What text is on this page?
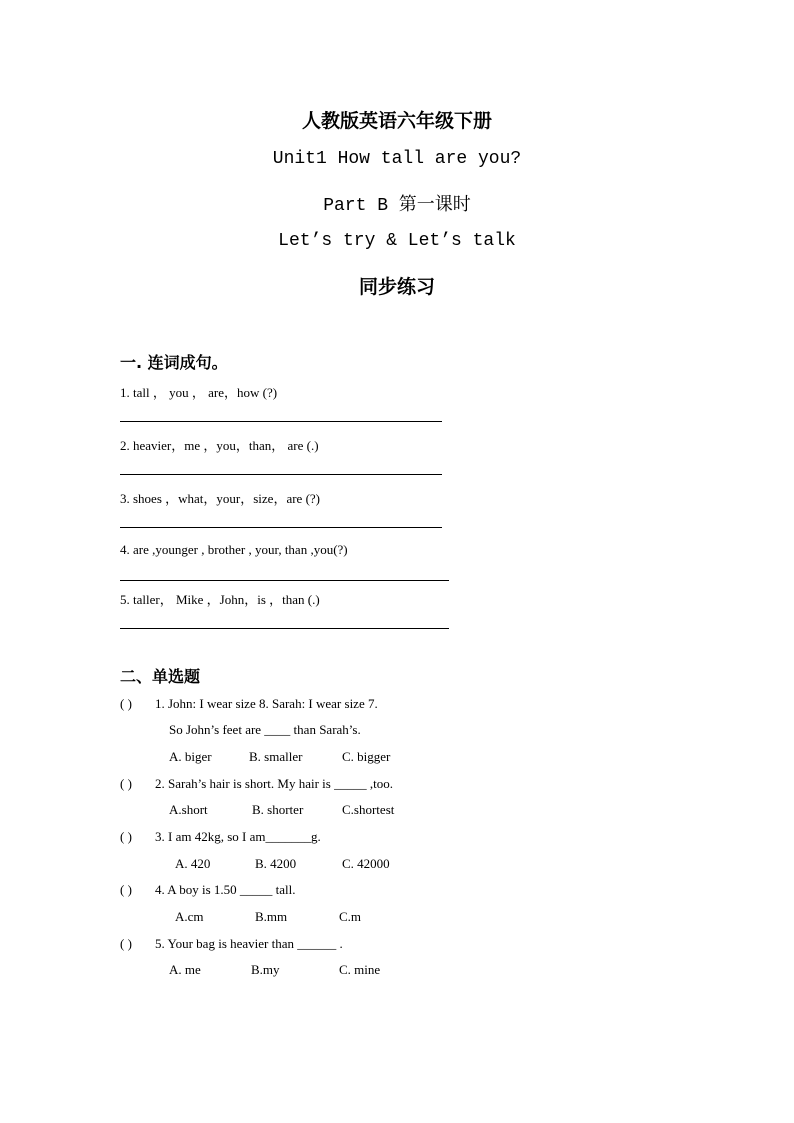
人教版英语六年级下册
Unit1 How tall are you?
Part B 第一课时
Let’s try & Let’s talk
同步练习
一. 连词成句。
1. tall ， you ， are，how (?)
2. heavier，me ，you，than， are (.)
3. shoes ，what，your，size，are (?)
4. are ,younger , brother , your, than ,you(?)
5. taller， Mike ，John，is ，than (.)
二、单选题
( ) 1. John: I wear size 8. Sarah: I wear size 7.
So John’s feet are ____ than Sarah’s.
A. biger	B. smaller	C. bigger
( ) 2. Sarah’s hair is short. My hair is _____ ,too.
A.short	B. shorter	C.shortest
( ) 3. I am 42kg, so I am_______g.
A. 420	B. 4200	C. 42000
( ) 4. A boy is 1.50 _____ tall.
A.cm	B.mm	C.m
( ) 5. Your bag is heavier than ______ .
A. me	B.my	C. mine
